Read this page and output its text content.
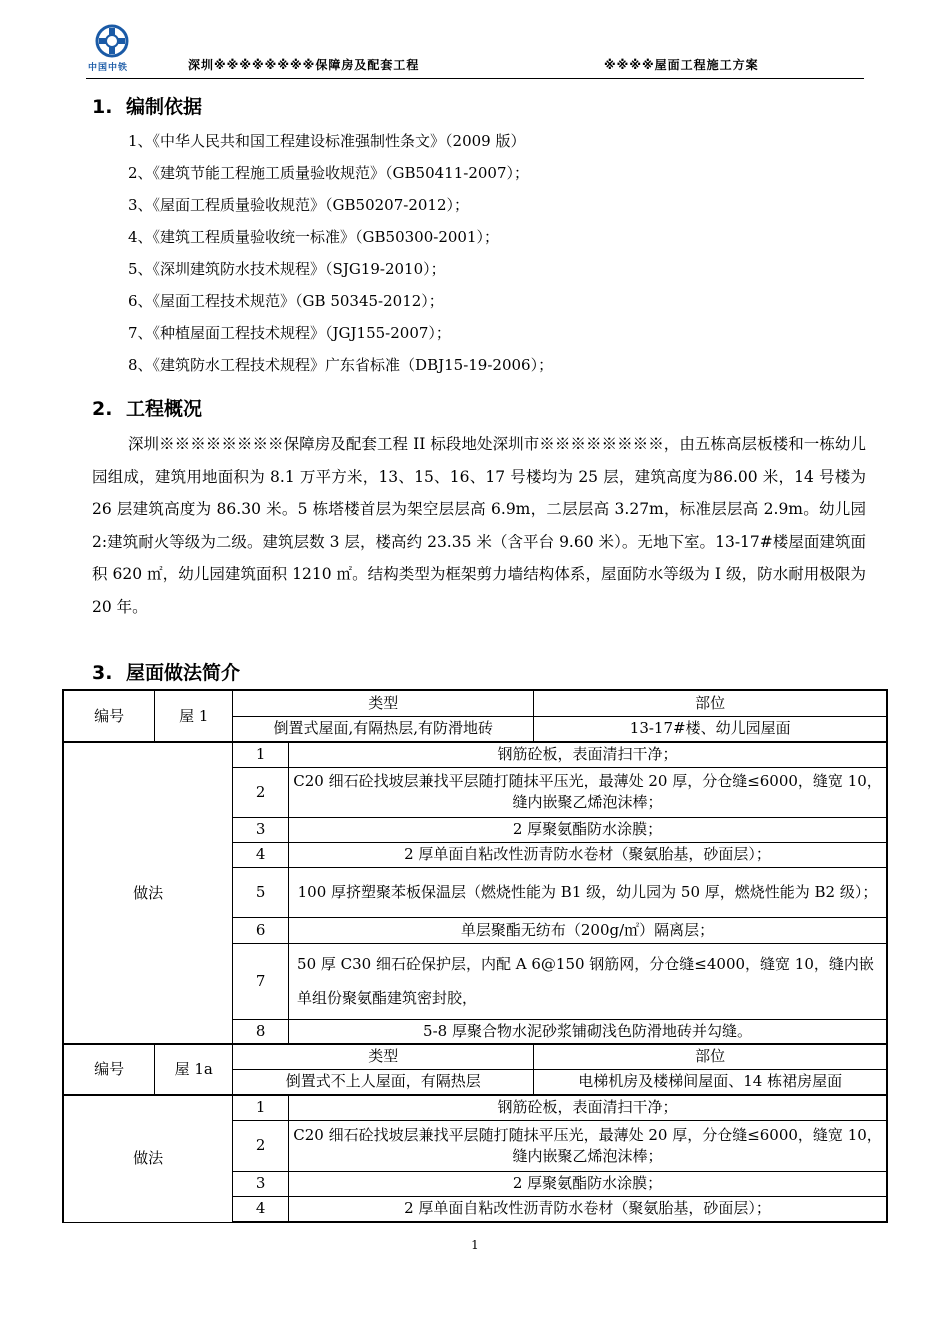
中国中铁	深圳※※※※※※※※保障房及配套工程	※※※※屋面工程施工方案
1. 编制依据
1、《中华人民共和国工程建设标准强制性条文》（2009 版）
2、《建筑节能工程施工质量验收规范》（GB50411-2007）；
3、《屋面工程质量验收规范》（GB50207-2012）；
4、《建筑工程质量验收统一标准》（GB50300-2001）；
5、《深圳建筑防水技术规程》（SJG19-2010）；
6、《屋面工程技术规范》（GB 50345-2012）；
7、《种植屋面工程技术规程》（JGJ155-2007）；
8、《建筑防水工程技术规程》广东省标准（DBJ15-19-2006）；
2. 工程概况

深圳※※※※※※※※保障房及配套工程 II 标段地处深圳市※※※※※※※※，由五栋高层板楼和一栋幼儿园组成，建筑用地面积为 8.1 万平方米，13、15、16、17 号楼均为 25 层，建筑高度为86.00 米，14 号楼为 26 层建筑高度为 86.30 米。5 栋塔楼首层为架空层层高 6.9m，二层层高 3.27m，标准层层高 2.9m。幼儿园 2:建筑耐火等级为二级。建筑层数 3 层，楼高约 23.35 米（含平台 9.60 米）。无地下室。13-17#楼屋面建筑面积 620 ㎡，幼儿园建筑面积 1210 ㎡。结构类型为框架剪力墙结构体系，屋面防水等级为 I 级，防水耐用极限为 20 年。

3. 屋面做法简介
编号	屋 1	类型		部位
		倒置式屋面,有隔热层,有防滑地砖		13-17#楼、幼儿园屋面
做法		1	钢筋砼板，表面清扫干净；	
		2	C20 细石砼找坡层兼找平层随打随抹平压光，最薄处 20 厚，分仓缝≤6000，缝宽 10，缝内嵌聚乙烯泡沫棒；	
		3	2 厚聚氨酯防水涂膜；	
		4	2 厚单面自粘改性沥青防水卷材（聚氨胎基，砂面层）；	
		5	100 厚挤塑聚苯板保温层（燃烧性能为 B1 级，幼儿园为 50 厚，燃烧性能为 B2 级）；	
		6	单层聚酯无纺布（200g/㎡）隔离层；	
		7	50 厚 C30 细石砼保护层，内配 A 6@150 钢筋网，分仓缝≤4000，缝宽 10，缝内嵌单组份聚氨酯建筑密封胶，	
		8	5-8 厚聚合物水泥砂浆铺砌浅色防滑地砖并勾缝。	
编号	屋 1a	类型		部位
		倒置式不上人屋面，有隔热层		电梯机房及楼梯间屋面、14 栋裙房屋面
做法		1	钢筋砼板，表面清扫干净；	
		2	C20 细石砼找坡层兼找平层随打随抹平压光，最薄处 20 厚，分仓缝≤6000，缝宽 10，缝内嵌聚乙烯泡沫棒；	
		3	2 厚聚氨酯防水涂膜；	
		4	2 厚单面自粘改性沥青防水卷材（聚氨胎基，砂面层）；	
1
